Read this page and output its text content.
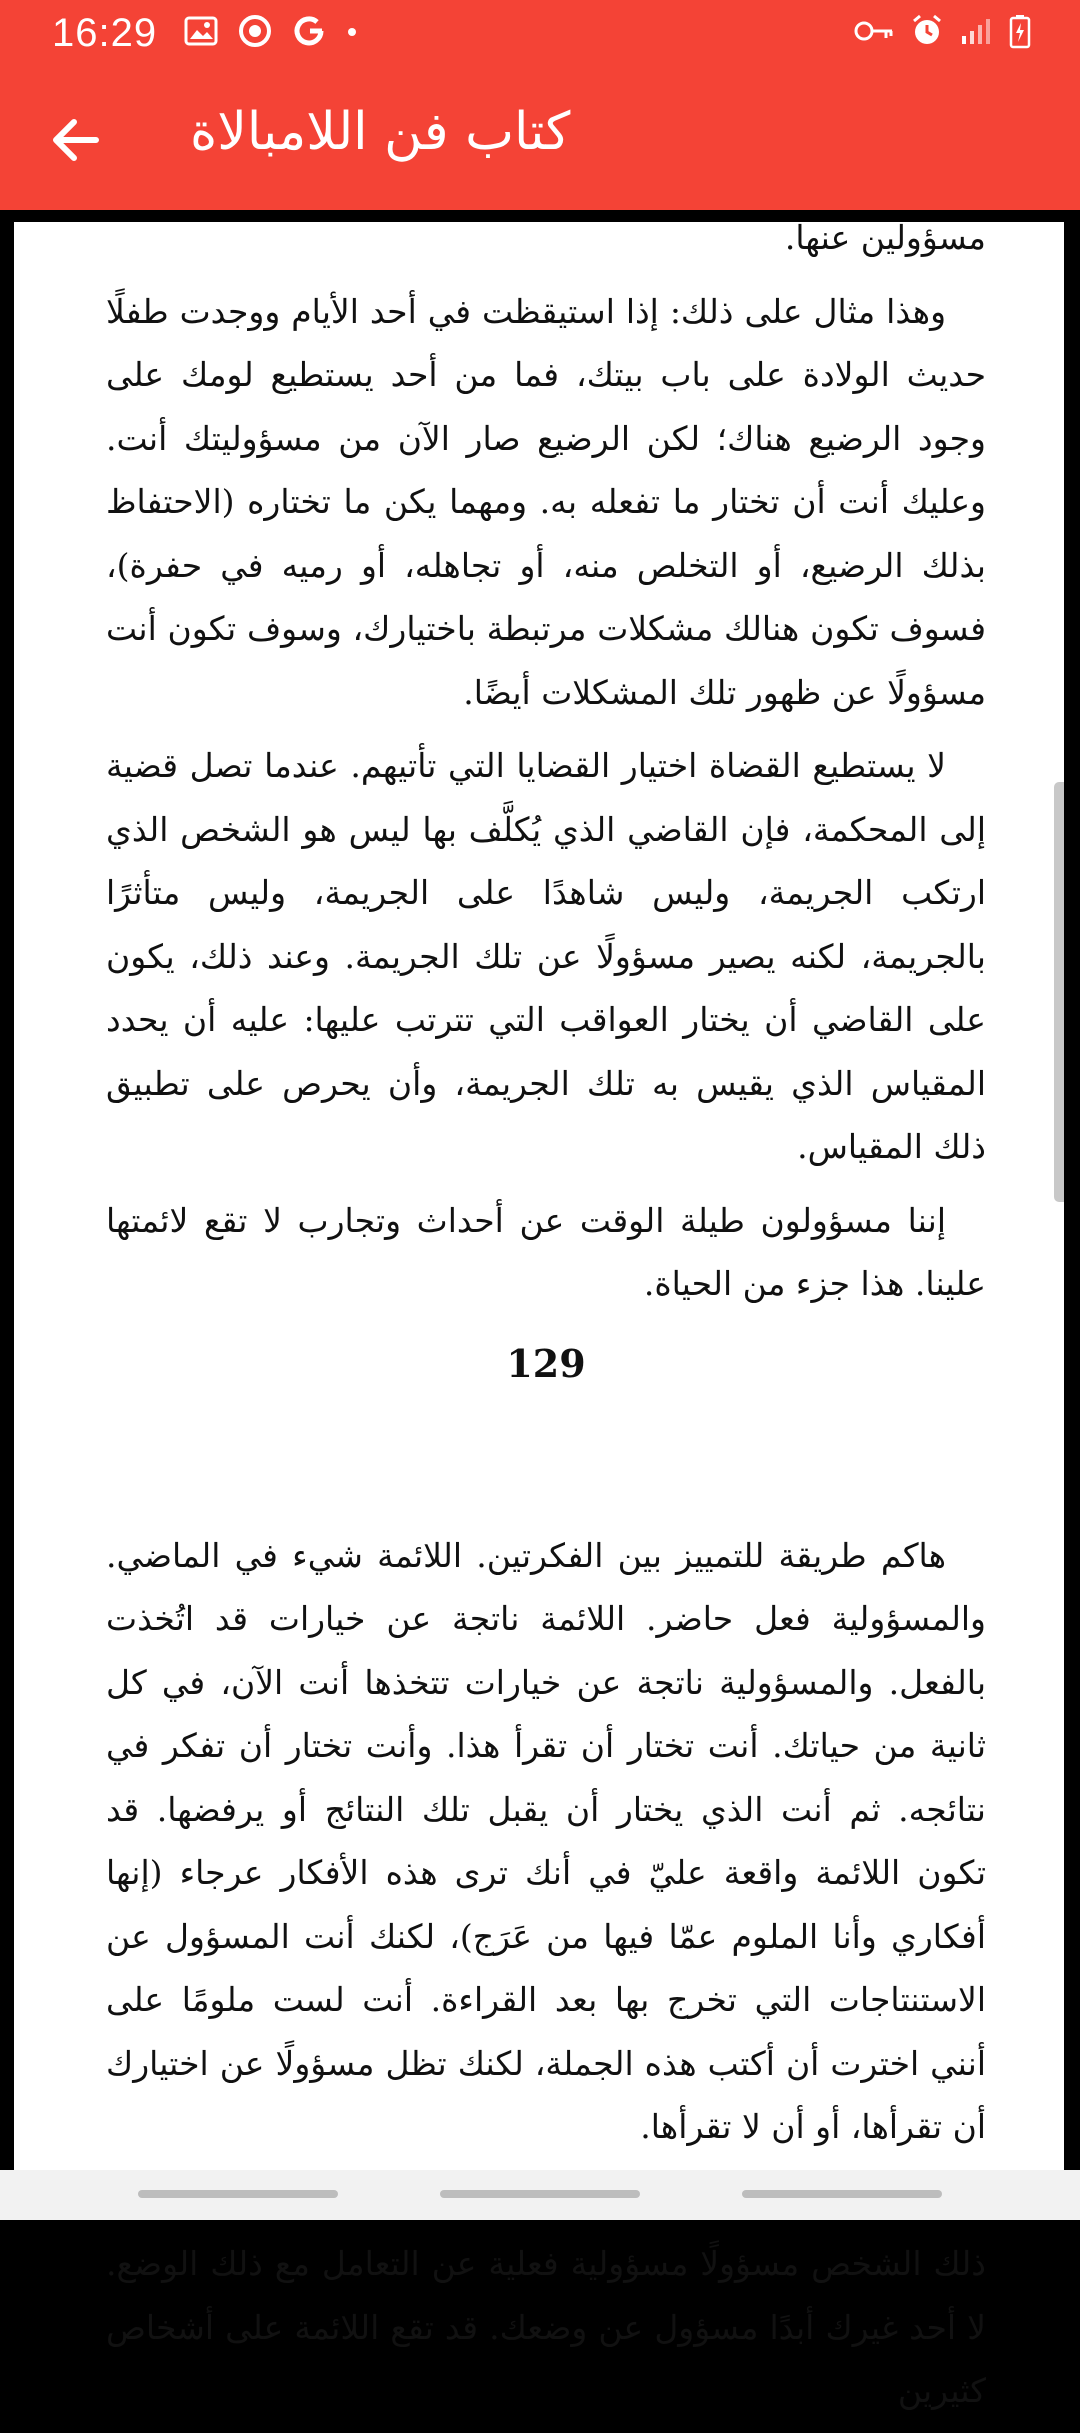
16:29
كتاب فن اللامبالاة

مسؤولين عنها.

وهذا مثال على ذلك: إذا استيقظت في أحد الأيام ووجدت طفلًا حديث الولادة على باب بيتك، فما من أحد يستطيع لومك على وجود الرضيع هناك؛ لكن الرضيع صار الآن من مسؤوليتك أنت. وعليك أنت أن تختار ما تفعله به. ومهما يكن ما تختاره (الاحتفاظ بذلك الرضيع، أو التخلص منه، أو تجاهله، أو رميه في حفرة)، فسوف تكون هنالك مشكلات مرتبطة باختيارك، وسوف تكون أنت مسؤولًا عن ظهور تلك المشكلات أيضًا.

لا يستطيع القضاة اختيار القضايا التي تأتيهم. عندما تصل قضية إلى المحكمة، فإن القاضي الذي يُكلَّف بها ليس هو الشخص الذي ارتكب الجريمة، وليس شاهدًا على الجريمة، وليس متأثرًا بالجريمة، لكنه يصير مسؤولًا عن تلك الجريمة. وعند ذلك، يكون على القاضي أن يختار العواقب التي تترتب عليها: عليه أن يحدد المقياس الذي يقيس به تلك الجريمة، وأن يحرص على تطبيق ذلك المقياس.

إننا مسؤولون طيلة الوقت عن أحداث وتجارب لا تقع لائمتها علينا. هذا جزء من الحياة.

129

هاكم طريقة للتمييز بين الفكرتين. اللائمة شيء في الماضي. والمسؤولية فعل حاضر. اللائمة ناتجة عن خيارات قد اتُخذت بالفعل. والمسؤولية ناتجة عن خيارات تتخذها أنت الآن، في كل ثانية من حياتك. أنت تختار أن تقرأ هذا. وأنت تختار أن تفكر في نتائجه. ثم أنت الذي يختار أن يقبل تلك النتائج أو يرفضها. قد تكون اللائمة واقعة عليّ في أنك ترى هذه الأفكار عرجاء (إنها أفكاري وأنا الملوم عمّا فيها من عَرَج)، لكنك أنت المسؤول عن الاستنتاجات التي تخرج بها بعد القراءة. أنت لست ملومًا على أنني اخترت أن أكتب هذه الجملة، لكنك تظل مسؤولًا عن اختيارك أن تقرأها، أو أن لا تقرأها.

ذلك الشخص مسؤولًا مسؤولية فعلية عن التعامل مع ذلك الوضع. لا أحد غيرك أبدًا مسؤول عن وضعك. قد تقع اللائمة على أشخاص كثيرين
